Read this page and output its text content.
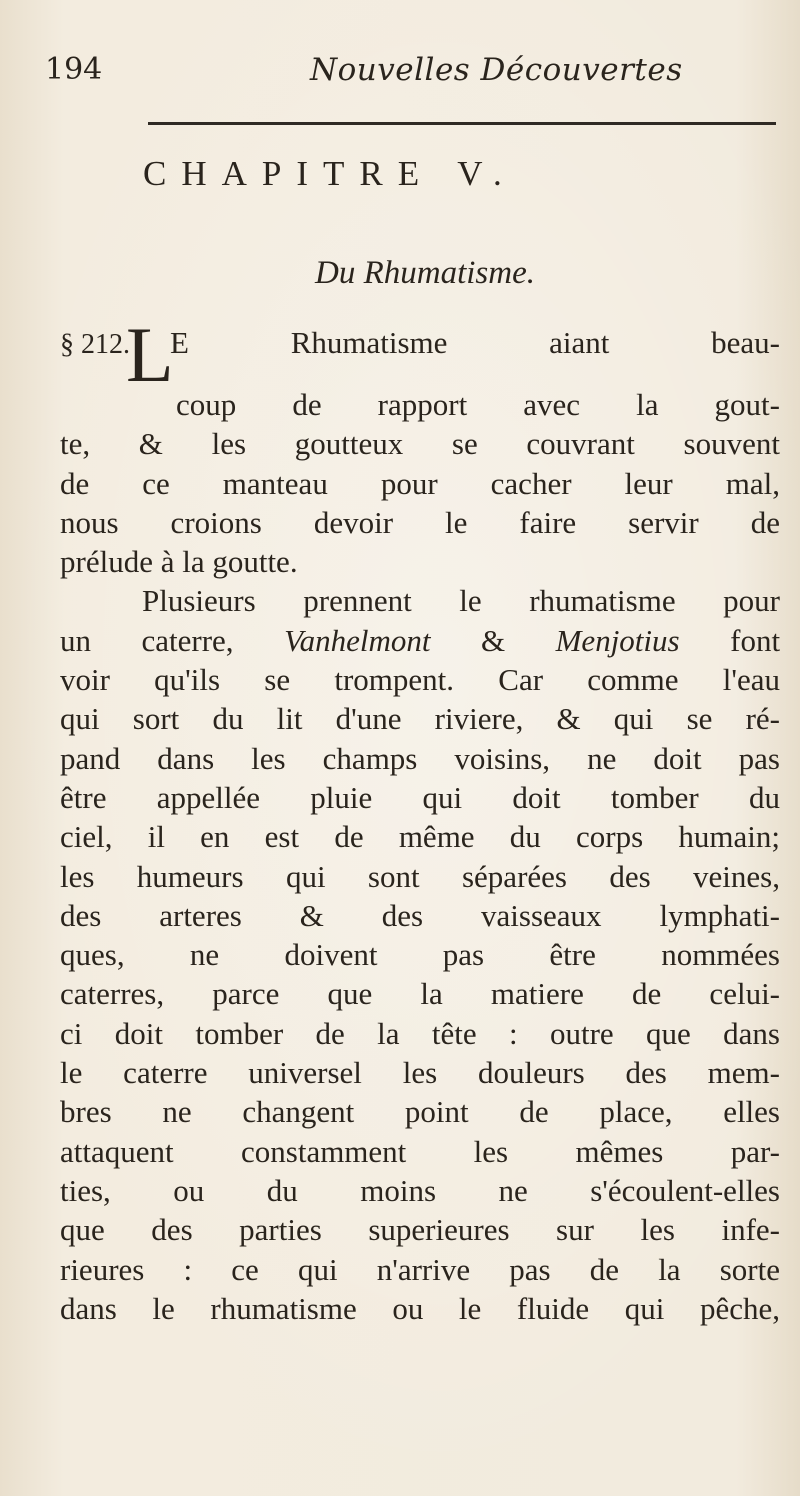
194	Nouvelles Découvertes
CHAPITRE V.
Du Rhumatisme.
§ 212.LE Rhumatisme aiant beau-
coup de rapport avec la gout-
te, & les goutteux se couvrant souvent
de ce manteau pour cacher leur mal,
nous croions devoir le faire servir de
prélude à la goutte.
Plusieurs prennent le rhumatisme pour
un caterre, Vanhelmont & Menjotius font
voir qu'ils se trompent. Car comme l'eau
qui sort du lit d'une riviere, & qui se ré-
pand dans les champs voisins, ne doit pas
être appellée pluie qui doit tomber du
ciel, il en est de même du corps humain;
les humeurs qui sont séparées des veines,
des arteres & des vaisseaux lymphati-
ques, ne doivent pas être nommées
caterres, parce que la matiere de celui-
ci doit tomber de la tête : outre que dans
le caterre universel les douleurs des mem-
bres ne changent point de place, elles
attaquent constamment les mêmes par-
ties, ou du moins ne s'écoulent-elles
que des parties superieures sur les infe-
rieures : ce qui n'arrive pas de la sorte
dans le rhumatisme ou le fluide qui pêche,
